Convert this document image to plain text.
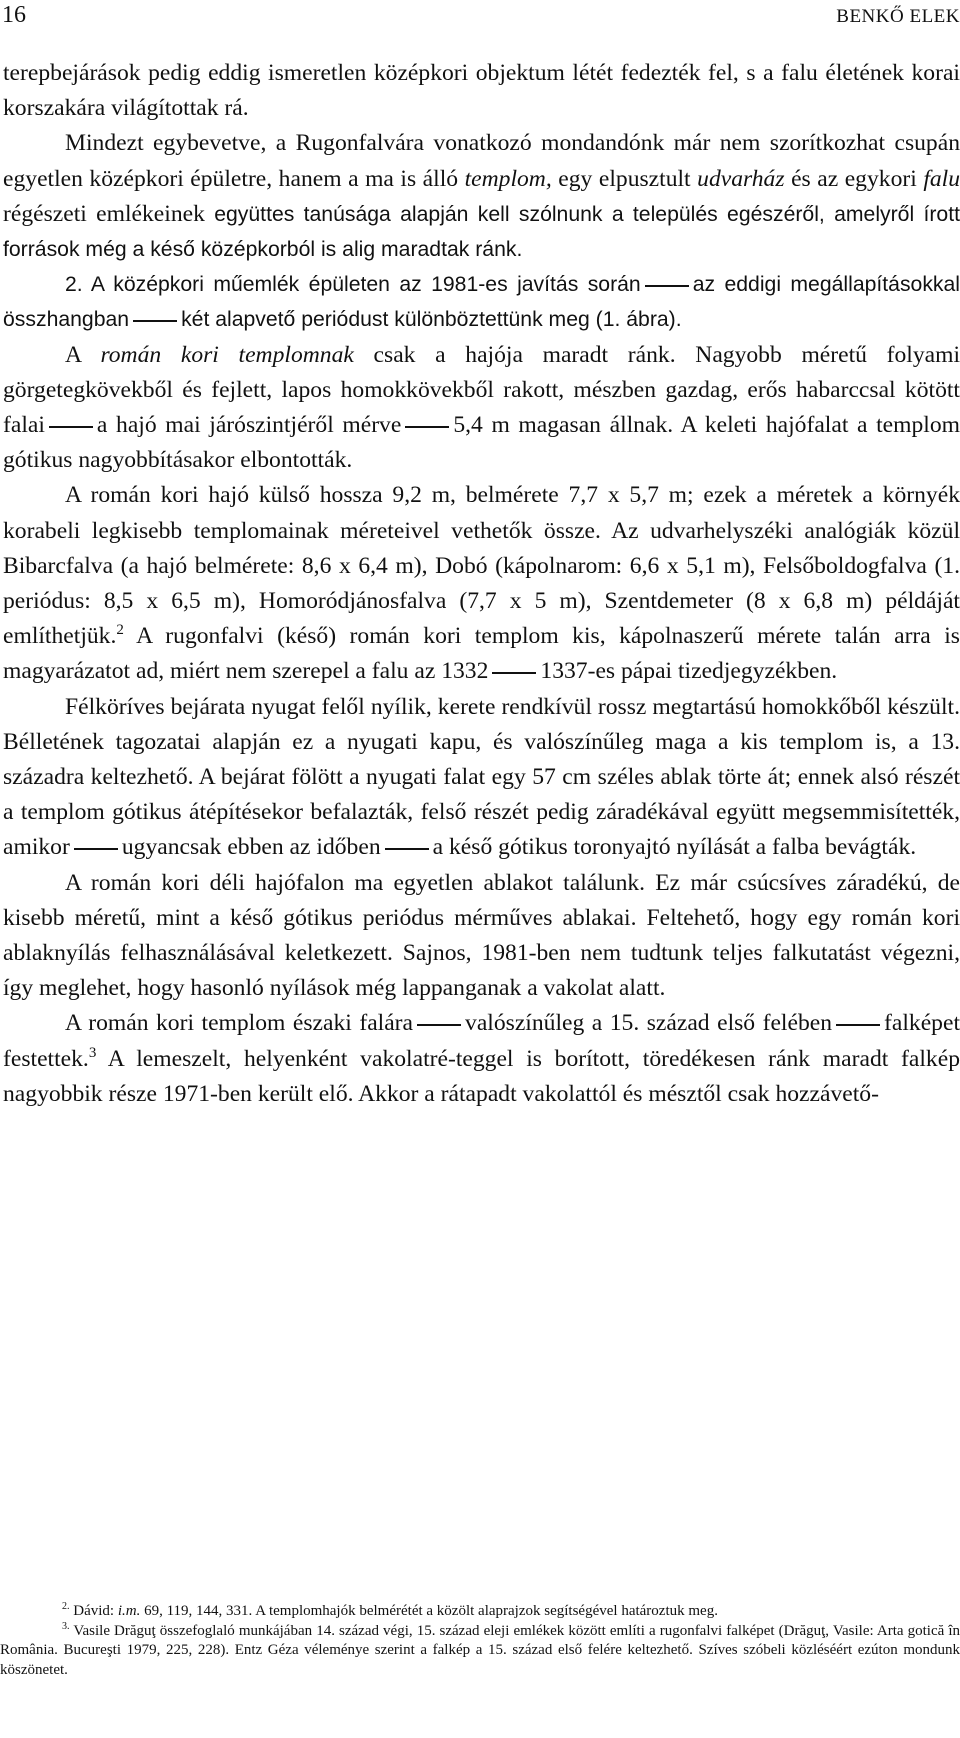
16	BENKŐ ELEK

terepbejárások pedig eddig ismeretlen középkori objektum létét fedezték fel, s a falu életének korai korszakára világítottak rá.

Mindezt egybevetve, a Rugonfalvára vonatkozó mondandónk már nem szorítkozhat csupán egyetlen középkori épületre, hanem a ma is álló templom, egy elpusztult udvarház és az egykori falu régészeti emlékeinek együttes tanúsága alapján kell szólnunk a település egészéről, amelyről írott források még a késő középkorból is alig maradtak ránk.

2. A középkori műemlék épületen az 1981-es javítás során az eddigi megállapításokkal összhangban két alapvető periódust különböztettünk meg (1. ábra).

A román kori templomnak csak a hajója maradt ránk. Nagyobb méretű folyami görgetegkövekből és fejlett, lapos homokkövekből rakott, mészben gazdag, erős habarccsal kötött falai a hajó mai járószintjéről mérve 5,4 m magasan állnak. A keleti hajófalat a templom gótikus nagyobbításakor elbontották.

A román kori hajó külső hossza 9,2 m, belmérete 7,7 x 5,7 m; ezek a méretek a környék korabeli legkisebb templomainak méreteivel vethetők össze. Az udvarhelyszéki analógiák közül Bibarcfalva (a hajó belmérete: 8,6 x 6,4 m), Dobó (kápolnarom: 6,6 x 5,1 m), Felsőboldogfalva (1. periódus: 8,5 x 6,5 m), Homoródjánosfalva (7,7 x 5 m), Szentdemeter (8 x 6,8 m) példáját említhetjük.$^2$ A rugonfalvi (késő) román kori templom kis, kápolnaszerű mérete talán arra is magyarázatot ad, miért nem szerepel a falu az 1332 1337-es pápai tizedjegyzékben.

Félköríves bejárata nyugat felől nyílik, kerete rendkívül rossz megtartású homokkőből készült. Bélletének tagozatai alapján ez a nyugati kapu, és valószínűleg maga a kis templom is, a 13. századra keltezhető. A bejárat fölött a nyugati falat egy 57 cm széles ablak törte át; ennek alsó részét a templom gótikus átépítésekor befalazták, felső részét pedig záradékával együtt megsemmisítették, amikor ugyancsak ebben az időben a késő gótikus toronyajtó nyílását a falba bevágták.

A román kori déli hajófalon ma egyetlen ablakot találunk. Ez már csúcsíves záradékú, de kisebb méretű, mint a késő gótikus periódus mérműves ablakai. Feltehető, hogy egy román kori ablaknyílás felhasználásával keletkezett. Sajnos, 1981-ben nem tudtunk teljes falkutatást végezni, így meglehet, hogy hasonló nyílások még lappanganak a vakolat alatt.

A román kori templom északi falára valószínűleg a 15. század első felében falképet festettek.$^3$ A lemeszelt, helyenként vakolatré-teggel is borított, töredékesen ránk maradt falkép nagyobbik része 1971-ben került elő. Akkor a rátapadt vakolattól és mésztől csak hozzávető-

$^{2.}$ Dávid: i.m. 69, 119, 144, 331. A templomhajók belmérétét a közölt alaprajzok segítségével határoztuk meg.

$^{3.}$ Vasile Drăguţ összefoglaló munkájában 14. század végi, 15. század eleji emlékek között említi a rugonfalvi falképet (Drăguţ, Vasile: Arta gotică în România. Bucureşti 1979, 225, 228). Entz Géza véleménye szerint a falkép a 15. század első felére keltezhető. Szíves szóbeli közléséért ezúton mondunk köszönetet.
